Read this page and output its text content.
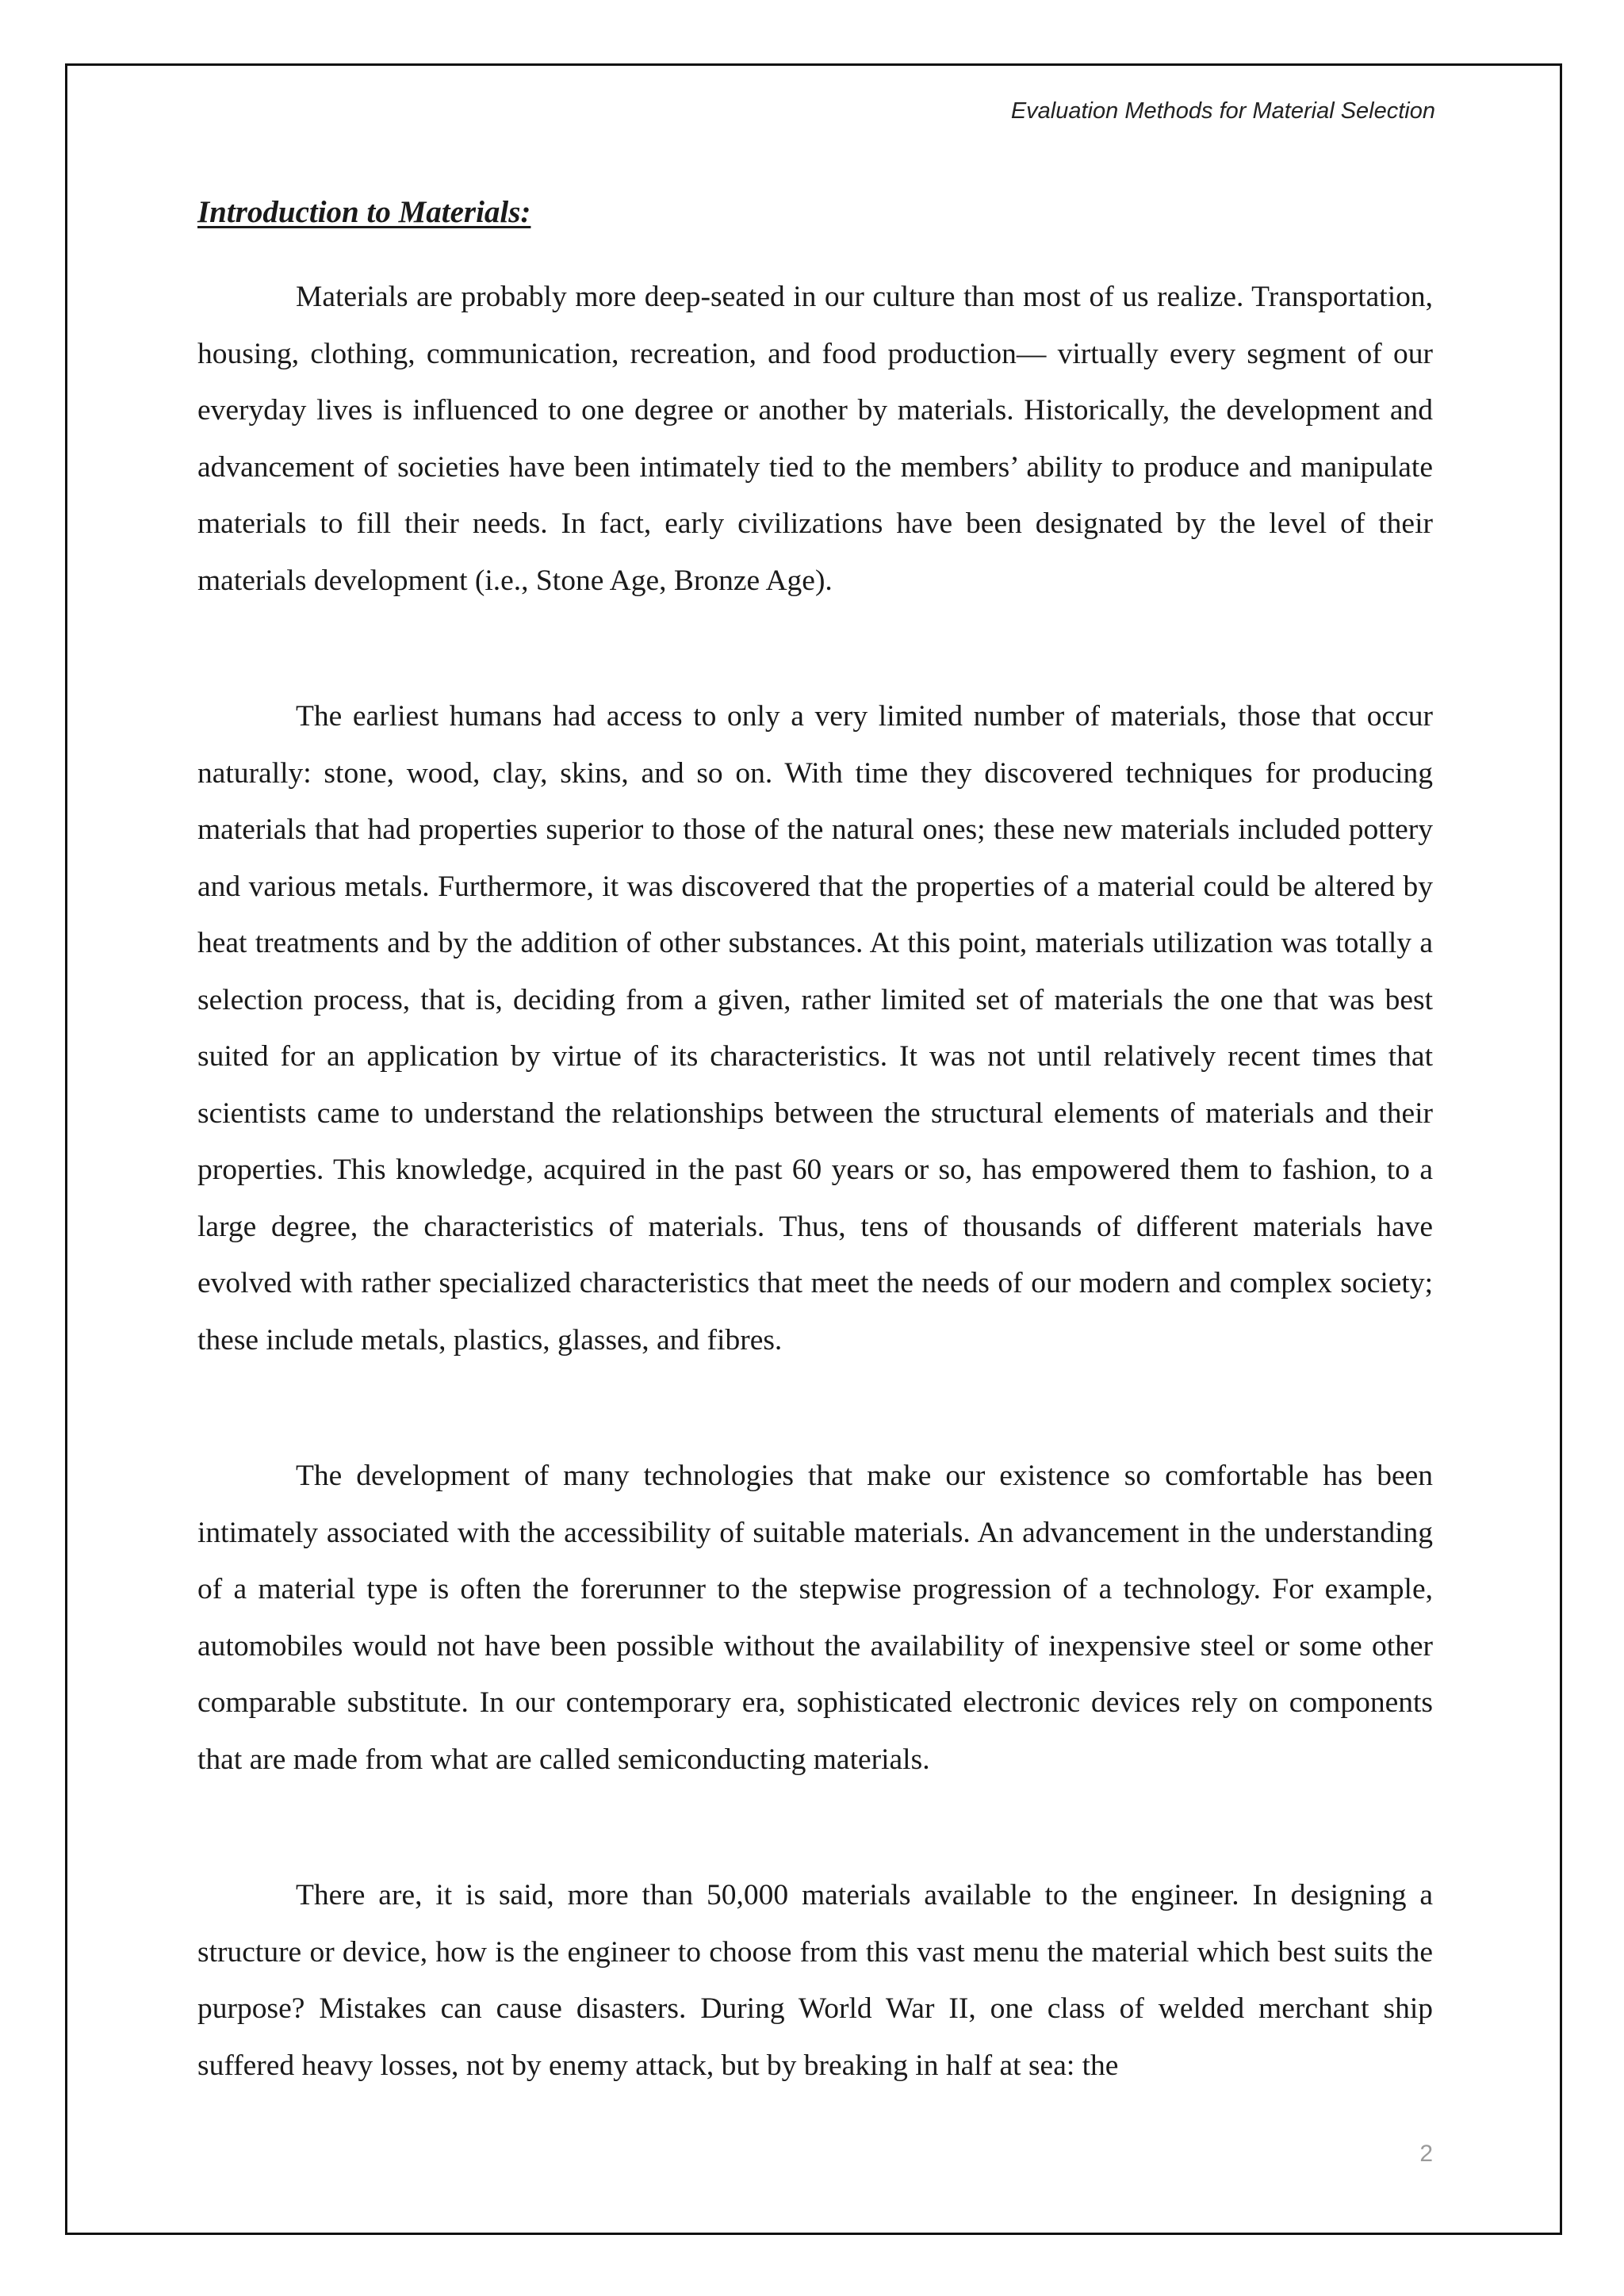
Evaluation Methods for Material Selection
Introduction to Materials:

Materials are probably more deep-seated in our culture than most of us realize. Transportation, housing, clothing, communication, recreation, and food production— virtually every segment of our everyday lives is influenced to one degree or another by materials. Historically, the development and advancement of societies have been intimately tied to the members’ ability to produce and manipulate materials to fill their needs. In fact, early civilizations have been designated by the level of their materials development (i.e., Stone Age, Bronze Age).

The earliest humans had access to only a very limited number of materials, those that occur naturally: stone, wood, clay, skins, and so on. With time they discovered techniques for producing materials that had properties superior to those of the natural ones; these new materials included pottery and various metals. Furthermore, it was discovered that the properties of a material could be altered by heat treatments and by the addition of other substances. At this point, materials utilization was totally a selection process, that is, deciding from a given, rather limited set of materials the one that was best suited for an application by virtue of its characteristics. It was not until relatively recent times that scientists came to understand the relationships between the structural elements of materials and their properties. This knowledge, acquired in the past 60 years or so, has empowered them to fashion, to a large degree, the characteristics of materials. Thus, tens of thousands of different materials have evolved with rather specialized characteristics that meet the needs of our modern and complex society; these include metals, plastics, glasses, and fibres.

The development of many technologies that make our existence so comfortable has been intimately associated with the accessibility of suitable materials. An advancement in the understanding of a material type is often the forerunner to the stepwise progression of a technology. For example, automobiles would not have been possible without the availability of inexpensive steel or some other comparable substitute. In our contemporary era, sophisticated electronic devices rely on components that are made from what are called semiconducting materials.

There are, it is said, more than 50,000 materials available to the engineer. In designing a structure or device, how is the engineer to choose from this vast menu the material which best suits the purpose? Mistakes can cause disasters. During World War II, one class of welded merchant ship suffered heavy losses, not by enemy attack, but by breaking in half at sea: the

2
